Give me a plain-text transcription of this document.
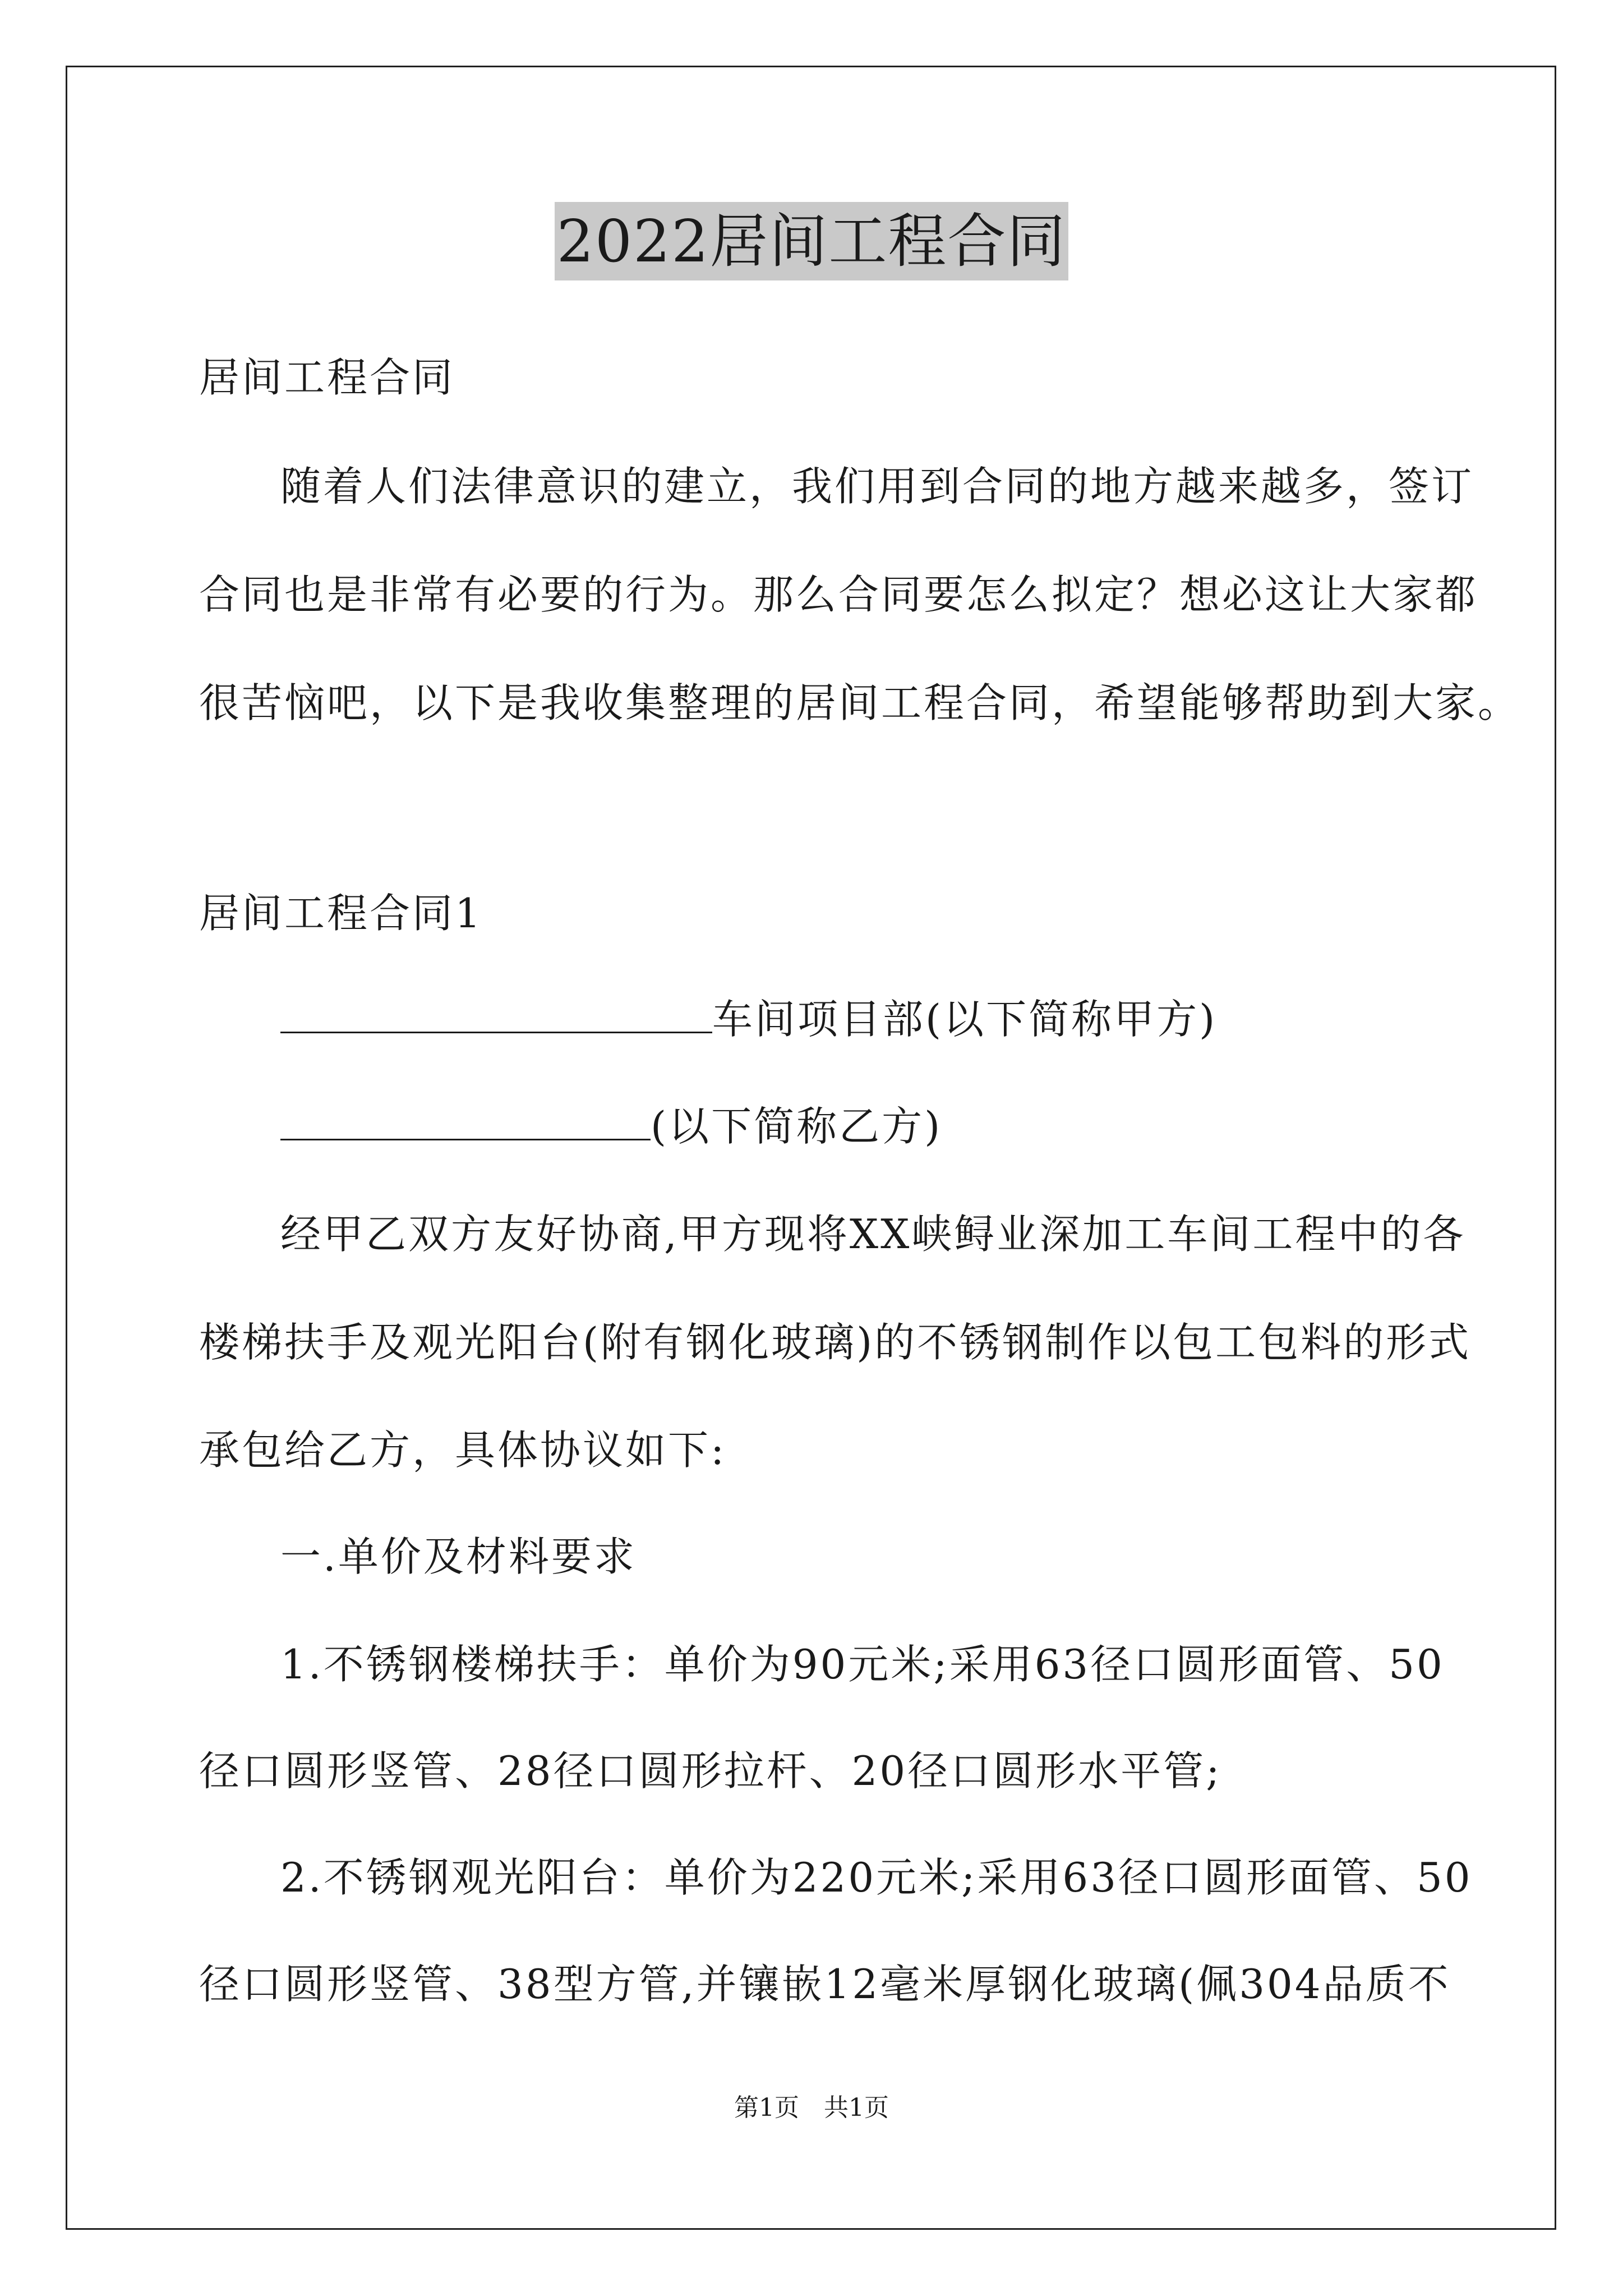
2022居间工程合同
居间工程合同
随着人们法律意识的建立，我们用到合同的地方越来越多，签订
合同也是非常有必要的行为。那么合同要怎么拟定？想必这让大家都
很苦恼吧，以下是我收集整理的居间工程合同，希望能够帮助到大家。
居间工程合同1
车间项目部(以下简称甲方)
(以下简称乙方)
经甲乙双方友好协商,甲方现将XX峡鲟业深加工车间工程中的各
楼梯扶手及观光阳台(附有钢化玻璃)的不锈钢制作以包工包料的形式
承包给乙方，具体协议如下:
一.单价及材料要求
1.不锈钢楼梯扶手：单价为90元米;采用63径口圆形面管、50
径口圆形竖管、28径口圆形拉杆、20径口圆形水平管;
2.不锈钢观光阳台：单价为220元米;采用63径口圆形面管、50
径口圆形竖管、38型方管,并镶嵌12毫米厚钢化玻璃(佩304品质不
第1页　共1页
